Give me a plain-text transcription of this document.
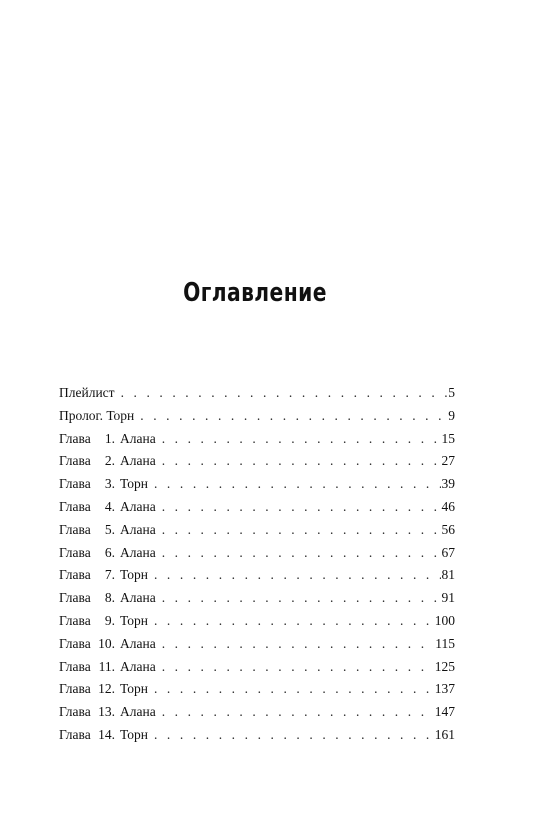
Оглавление
Плейлист . . .	5
Пролог. Торн . . .	9
Глава 1. Алана . . .	15
Глава 2. Алана . . .	27
Глава 3. Торн . . .	39
Глава 4. Алана . . .	46
Глава 5. Алана . . .	56
Глава 6. Алана . . .	67
Глава 7. Торн . . .	81
Глава 8. Алана . . .	91
Глава 9. Торн . . .	100
Глава 10. Алана . . .	115
Глава 11. Алана . . .	125
Глава 12. Торн . . .	137
Глава 13. Алана . . .	147
Глава 14. Торн . . .	161
